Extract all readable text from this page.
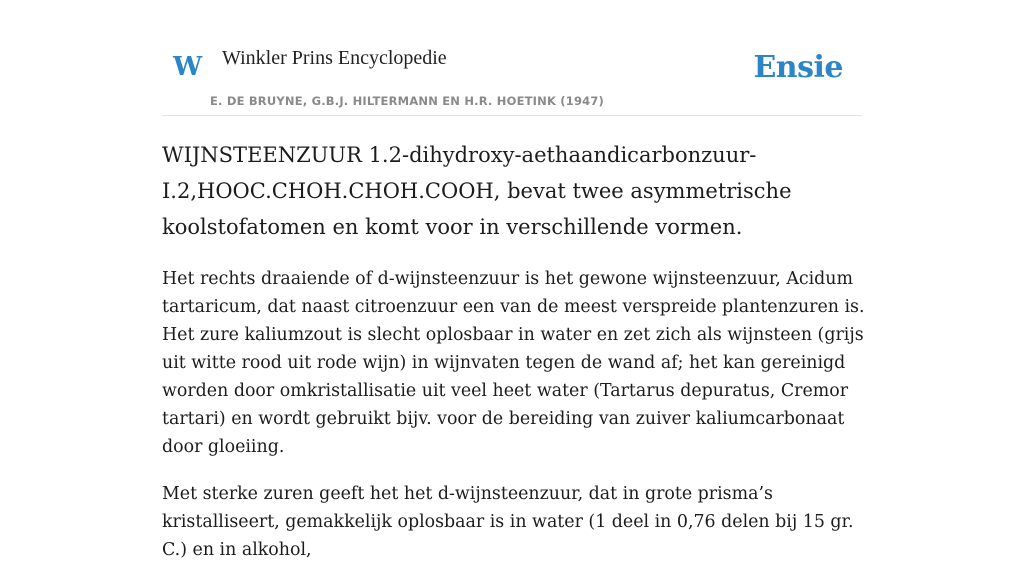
W Winkler Prins Encyclopedie
E. DE BRUYNE, G.B.J. HILTERMANN EN H.R. HOETINK (1947)
Ensie

WIJNSTEENZUUR 1.2-dihydroxy-aethaandicarbonzuur-I.2,HOOC.CHOH.CHOH.COOH, bevat twee asymmetrische koolstofatomen en komt voor in verschillende vormen.

Het rechts draaiende of d-wijnsteenzuur is het gewone wijnsteenzuur, Acidum tartaricum, dat naast citroenzuur een van de meest verspreide plantenzuren is. Het zure kaliumzout is slecht oplosbaar in water en zet zich als wijnsteen (grijs uit witte rood uit rode wijn) in wijnvaten tegen de wand af; het kan gereinigd worden door omkristallisatie uit veel heet water (Tartarus depuratus, Cremor tartari) en wordt gebruikt bijv. voor de bereiding van zuiver kaliumcarbonaat door gloeiing.

Met sterke zuren geeft het het d-wijnsteenzuur, dat in grote prisma’s kristalliseert, gemakkelijk oplosbaar is in water (1 deel in 0,76 delen bij 15 gr. C.) en in alkohol,
